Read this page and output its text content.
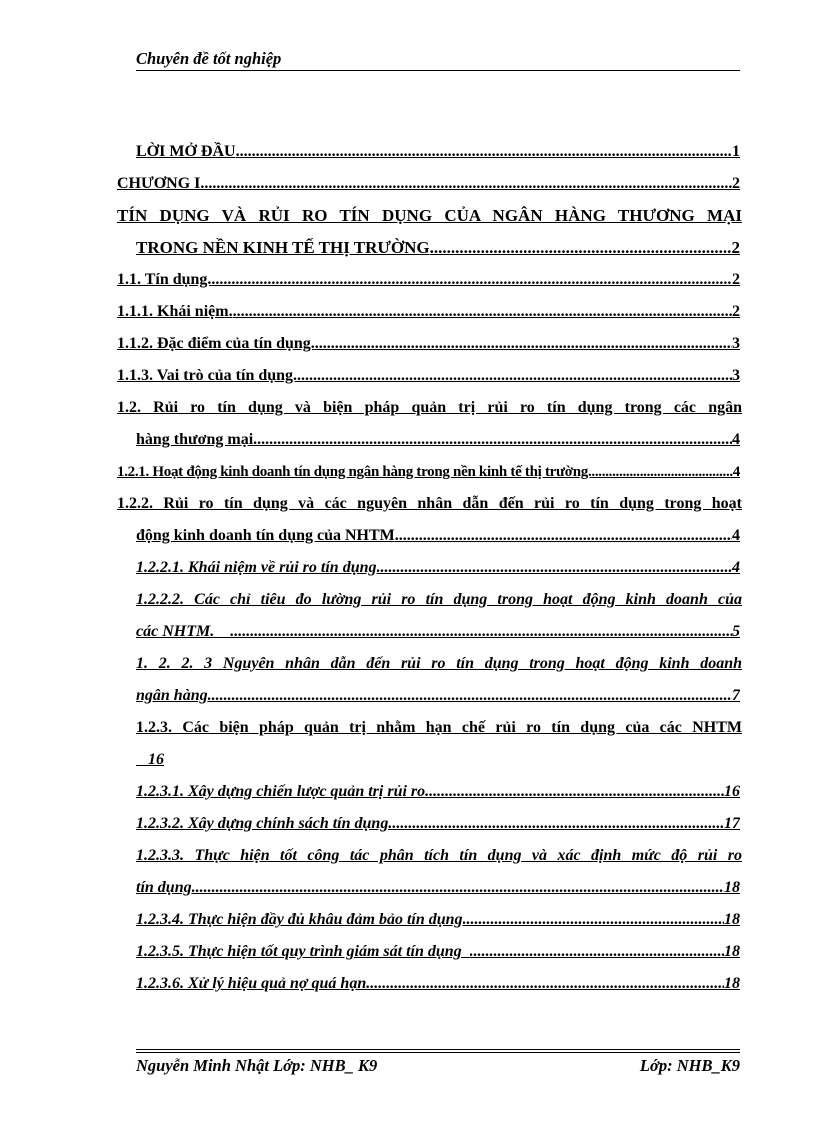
Chuyên đề tốt nghiệp
LỜI MỞ ĐẦU .....	1
CHƯƠNG I .....	2
TÍN DỤNG VÀ RỦI RO TÍN DỤNG CỦA NGÂN HÀNG THƯƠNG MẠI
TRONG NỀN KINH TẾ THỊ TRƯỜNG .....	2
1.1. Tín dụng. .....	2
1.1.1. Khái niệm. .....	2
1.1.2. Đặc điểm của tín dụng. .....	3
1.1.3. Vai trò của tín dụng. .....	3
1.2. Rủi ro tín dụng và biện pháp quản trị rủi ro tín dụng trong các ngân
hàng thương mại .....	4
1.2.1. Hoạt động kinh doanh tín dụng ngân hàng trong nền kinh tế thị trường. .....	4
1.2.2. Rủi ro tín dụng và các nguyên nhân dẫn đến rủi ro tín dụng trong hoạt
động kinh doanh tín dụng của NHTM .....	4
1.2.2.1. Khái niệm về rủi ro tín dụng .....	4
1.2.2.2. Các chỉ tiêu đo lường rủi ro tín dụng trong hoạt động kinh doanh của
các NHTM. .....	5
1. 2. 2. 3 Nguyên nhân dẫn đến rủi ro tín dụng trong hoạt động kinh doanh
ngân hàng .....	7
1.2.3. Các biện pháp quản trị nhằm hạn chế rủi ro tín dụng của các NHTM
16
1.2.3.1. Xây dựng chiến lược quản trị rủi ro .....	16
1.2.3.2. Xây dựng chính sách tín dụng .....	17
1.2.3.3. Thực hiện tốt công tác phân tích tín dụng và xác định mức độ rủi ro
tín dụng .....	18
1.2.3.4. Thực hiện đầy đủ khâu đảm bảo tín dụng .....	18
1.2.3.5. Thực hiện tốt quy trình giám sát tín dụng .....	18
1.2.3.6. Xử lý hiệu quả nợ quá hạn. .....	18
Nguyễn Minh Nhật Lớp: NHB_ K9	Lớp: NHB_K9
